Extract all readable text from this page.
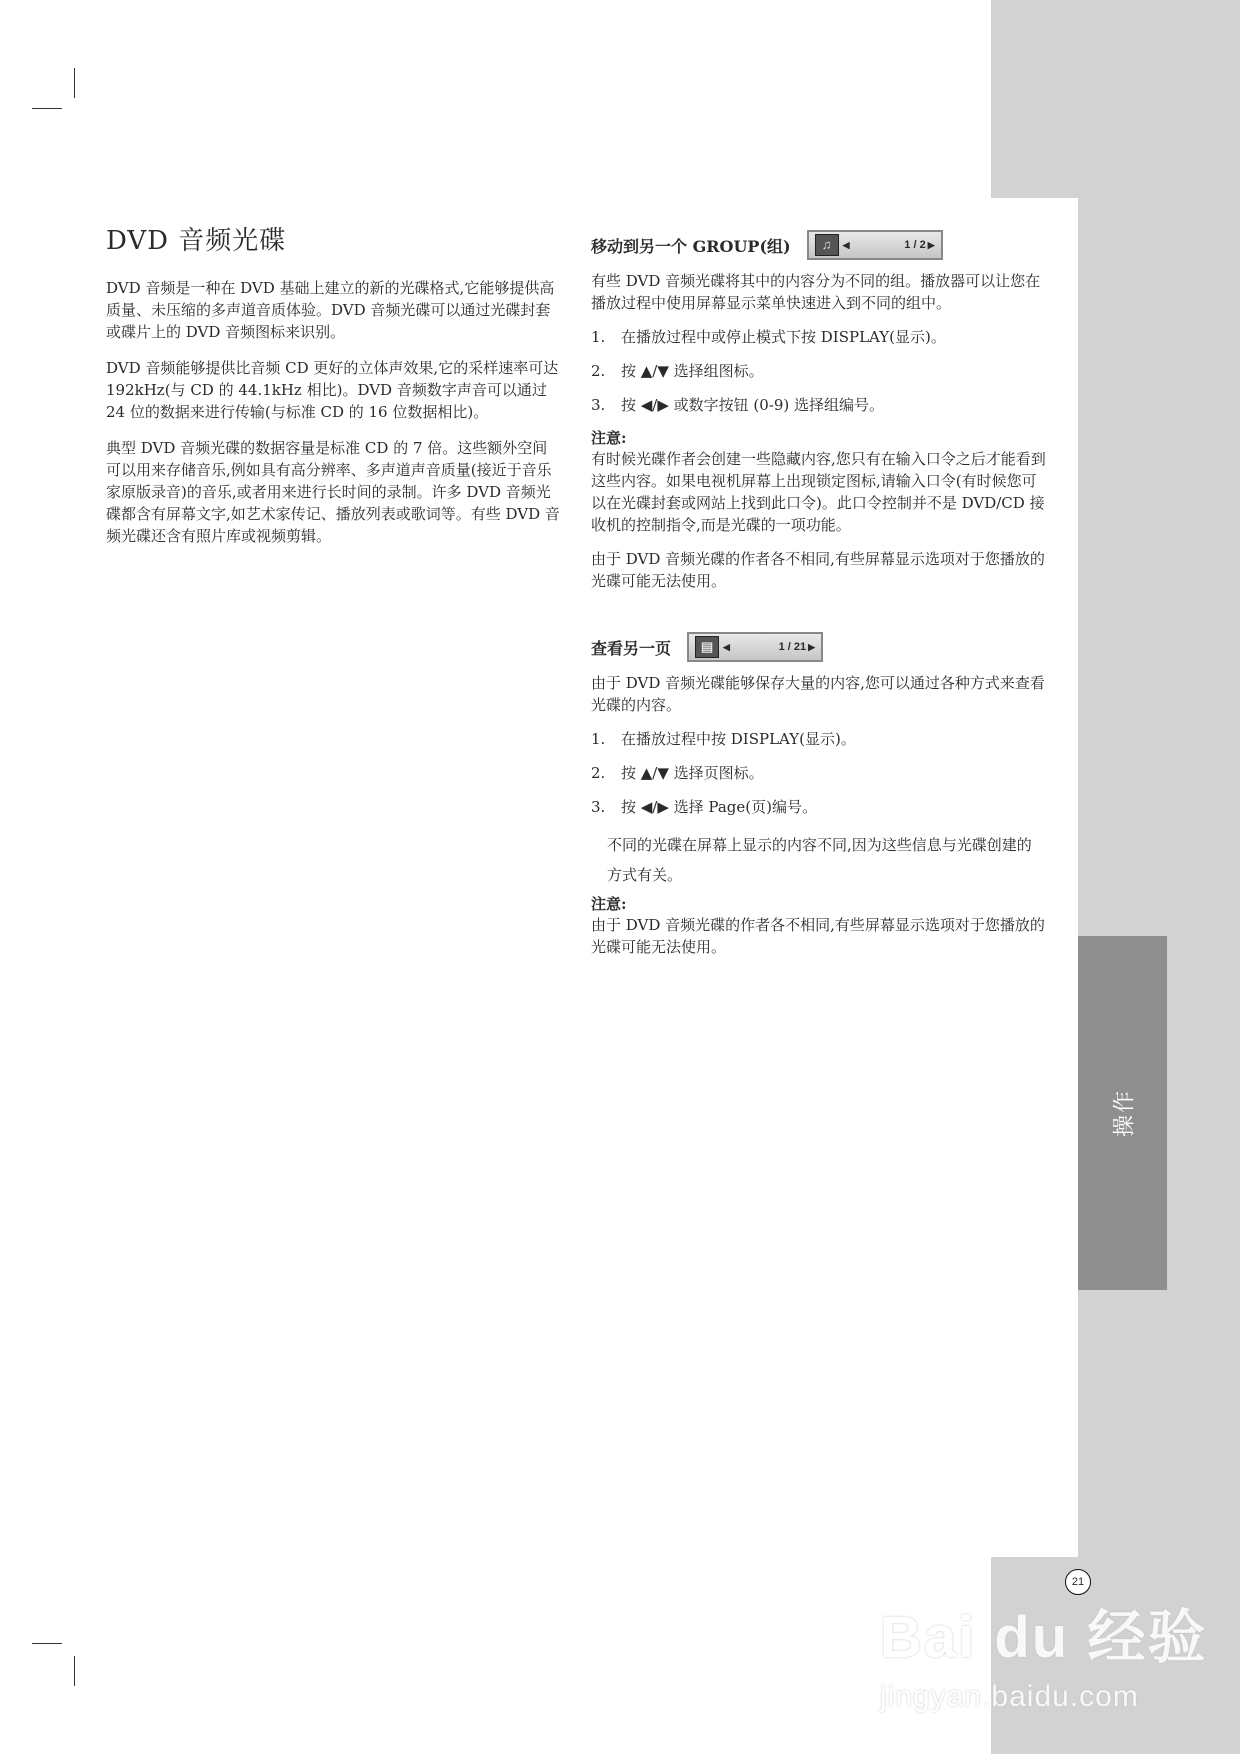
操作
DVD 音频光碟

DVD 音频是一种在 DVD 基础上建立的新的光碟格式,它能够提供高质量、未压缩的多声道音质体验。DVD 音频光碟可以通过光碟封套或碟片上的 DVD 音频图标来识别。

DVD 音频能够提供比音频 CD 更好的立体声效果,它的采样速率可达 192kHz(与 CD 的 44.1kHz 相比)。DVD 音频数字声音可以通过 24 位的数据来进行传输(与标准 CD 的 16 位数据相比)。

典型 DVD 音频光碟的数据容量是标准 CD 的 7 倍。这些额外空间可以用来存储音乐,例如具有高分辨率、多声道声音质量(接近于音乐家原版录音)的音乐,或者用来进行长时间的录制。许多 DVD 音频光碟都含有屏幕文字,如艺术家传记、播放列表或歌词等。有些 DVD 音频光碟还含有照片库或视频剪辑。

移动到另一个 GROUP(组)	♫	◀	1 / 2 ▶

有些 DVD 音频光碟将其中的内容分为不同的组。播放器可以让您在播放过程中使用屏幕显示菜单快速进入到不同的组中。

1. 在播放过程中或停止模式下按 DISPLAY(显示)。
2. 按 ▲/▼ 选择组图标。
3. 按 ◀/▶ 或数字按钮 (0-9) 选择组编号。

注意:

有时候光碟作者会创建一些隐藏内容,您只有在输入口令之后才能看到这些内容。如果电视机屏幕上出现锁定图标,请输入口令(有时候您可以在光碟封套或网站上找到此口令)。此口令控制并不是 DVD/CD 接收机的控制指令,而是光碟的一项功能。

由于 DVD 音频光碟的作者各不相同,有些屏幕显示选项对于您播放的光碟可能无法使用。

查看另一页	▤	◀	1 / 21 ▶

由于 DVD 音频光碟能够保存大量的内容,您可以通过各种方式来查看光碟的内容。

1. 在播放过程中按 DISPLAY(显示)。
2. 按 ▲/▼ 选择页图标。
3. 按 ◀/▶ 选择 Page(页)编号。

不同的光碟在屏幕上显示的内容不同,因为这些信息与光碟创建的方式有关。

注意:

由于 DVD 音频光碟的作者各不相同,有些屏幕显示选项对于您播放的光碟可能无法使用。

21
Bai du 经验
jingyan.baidu.com
